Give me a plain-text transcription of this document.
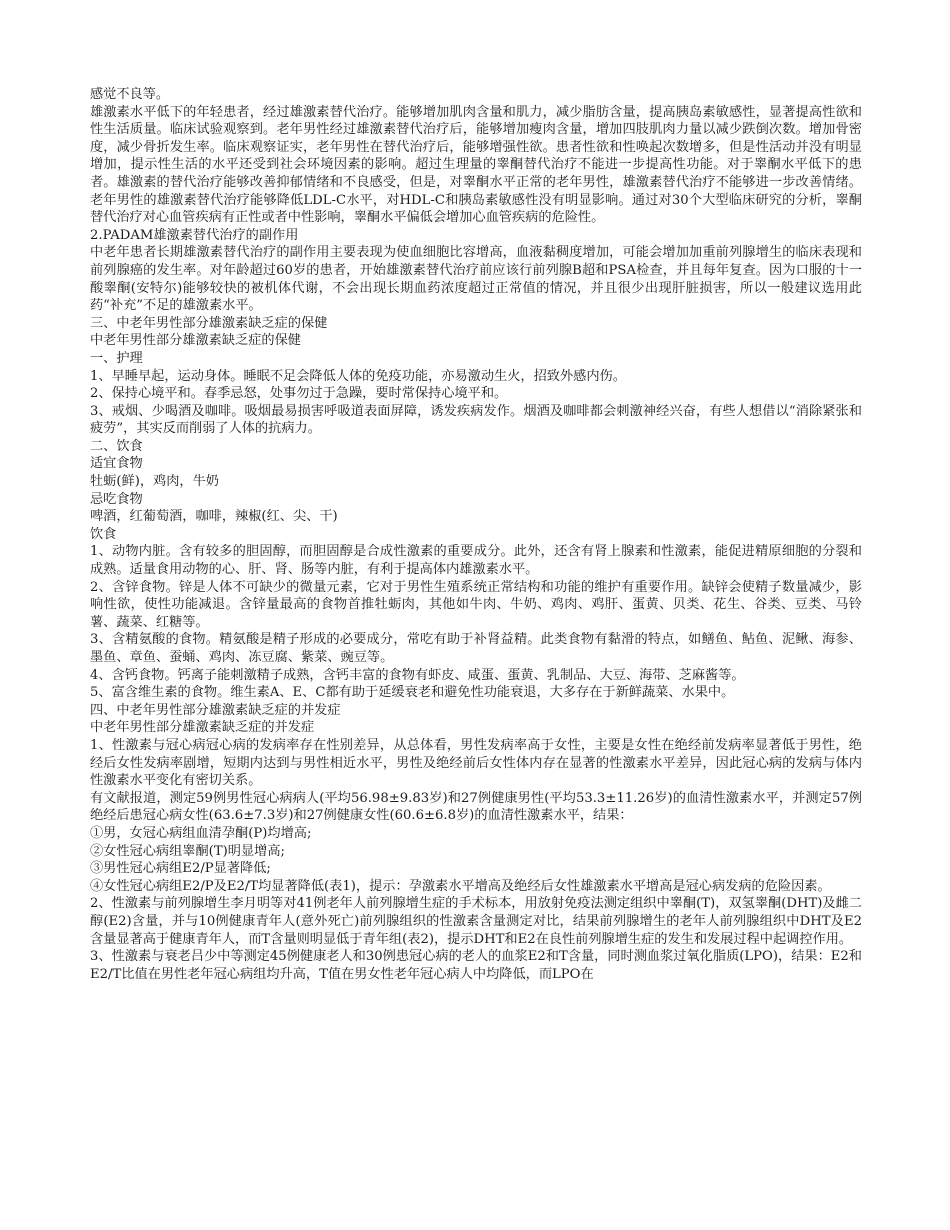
感觉不良等。

雄激素水平低下的年轻患者，经过雄激素替代治疗。能够增加肌肉含量和肌力，减少脂肪含量，提高胰岛素敏感性，显著提高性欲和性生活质量。临床试验观察到。老年男性经过雄激素替代治疗后，能够增加瘦肉含量，增加四肢肌肉力量以减少跌倒次数。增加骨密度，减少骨折发生率。临床观察证实，老年男性在替代治疗后，能够增强性欲。患者性欲和性唤起次数增多，但是性活动并没有明显增加，提示性生活的水平还受到社会环境因素的影响。超过生理量的睾酮替代治疗不能进一步提高性功能。对于睾酮水平低下的患者。雄激素的替代治疗能够改善抑郁情绪和不良感受，但是，对睾酮水平正常的老年男性，雄激素替代治疗不能够进一步改善情绪。老年男性的雄激素替代治疗能够降低LDL-C水平，对HDL-C和胰岛素敏感性没有明显影响。通过对30个大型临床研究的分析，睾酮替代治疗对心血管疾病有正性或者中性影响，睾酮水平偏低会增加心血管疾病的危险性。

2.PADAM雄激素替代治疗的副作用

中老年患者长期雄激素替代治疗的副作用主要表现为使血细胞比容增高，血液黏稠度增加，可能会增加加重前列腺增生的临床表现和前列腺癌的发生率。对年龄超过60岁的患者，开始雄激素替代治疗前应该行前列腺B超和PSA检查，并且每年复查。因为口服的十一酸睾酮(安特尔)能够较快的被机体代谢，不会出现长期血药浓度超过正常值的情况，并且很少出现肝脏损害，所以一般建议选用此药“补充”不足的雄激素水平。

三、中老年男性部分雄激素缺乏症的保健

中老年男性部分雄激素缺乏症的保健

一、护理

1、早睡早起，运动身体。睡眠不足会降低人体的免疫功能，亦易激动生火，招致外感内伤。

2、保持心境平和。春季忌怒，处事勿过于急躁，要时常保持心境平和。

3、戒烟、少喝酒及咖啡。吸烟最易损害呼吸道表面屏障，诱发疾病发作。烟酒及咖啡都会刺激神经兴奋，有些人想借以“消除紧张和疲劳”，其实反而削弱了人体的抗病力。

二、饮食

适宜食物

牡蛎(鲜)，鸡肉，牛奶

忌吃食物

啤酒，红葡萄酒，咖啡，辣椒(红、尖、干)

饮食

1、动物内脏。含有较多的胆固醇，而胆固醇是合成性激素的重要成分。此外，还含有肾上腺素和性激素，能促进精原细胞的分裂和成熟。适量食用动物的心、肝、肾、肠等内脏，有利于提高体内雄激素水平。

2、含锌食物。锌是人体不可缺少的微量元素，它对于男性生殖系统正常结构和功能的维护有重要作用。缺锌会使精子数量减少，影响性欲，使性功能减退。含锌量最高的食物首推牡蛎肉，其他如牛肉、牛奶、鸡肉、鸡肝、蛋黄、贝类、花生、谷类、豆类、马铃薯、蔬菜、红糖等。

3、含精氨酸的食物。精氨酸是精子形成的必要成分，常吃有助于补肾益精。此类食物有黏滑的特点，如鳝鱼、鲇鱼、泥鳅、海参、墨鱼、章鱼、蚕蛹、鸡肉、冻豆腐、紫菜、豌豆等。

4、含钙食物。钙离子能刺激精子成熟，含钙丰富的食物有虾皮、咸蛋、蛋黄、乳制品、大豆、海带、芝麻酱等。

5、富含维生素的食物。维生素A、E、C都有助于延缓衰老和避免性功能衰退，大多存在于新鲜蔬菜、水果中。

四、中老年男性部分雄激素缺乏症的并发症

中老年男性部分雄激素缺乏症的并发症

1、性激素与冠心病冠心病的发病率存在性别差异，从总体看，男性发病率高于女性，主要是女性在绝经前发病率显著低于男性，绝经后女性发病率剧增，短期内达到与男性相近水平，男性及绝经前后女性体内存在显著的性激素水平差异，因此冠心病的发病与体内性激素水平变化有密切关系。

有文献报道，测定59例男性冠心病病人(平均56.98±9.83岁)和27例健康男性(平均53.3±11.26岁)的血清性激素水平，并测定57例绝经后患冠心病女性(63.6±7.3岁)和27例健康女性(60.6±6.8岁)的血清性激素水平，结果：

①男，女冠心病组血清孕酮(P)均增高;

②女性冠心病组睾酮(T)明显增高;

③男性冠心病组E2/P显著降低;

④女性冠心病组E2/P及E2/T均显著降低(表1)，提示：孕激素水平增高及绝经后女性雄激素水平增高是冠心病发病的危险因素。

2、性激素与前列腺增生李月明等对41例老年人前列腺增生症的手术标本，用放射免疫法测定组织中睾酮(T)，双氢睾酮(DHT)及雌二醇(E2)含量，并与10例健康青年人(意外死亡)前列腺组织的性激素含量测定对比，结果前列腺增生的老年人前列腺组织中DHT及E2含量显著高于健康青年人，而T含量则明显低于青年组(表2)，提示DHT和E2在良性前列腺增生症的发生和发展过程中起调控作用。

3、性激素与衰老吕少中等测定45例健康老人和30例患冠心病的老人的血浆E2和T含量，同时测血浆过氧化脂质(LPO)，结果：E2和E2/T比值在男性老年冠心病组均升高，T值在男女性老年冠心病人中均降低，而LPO在
